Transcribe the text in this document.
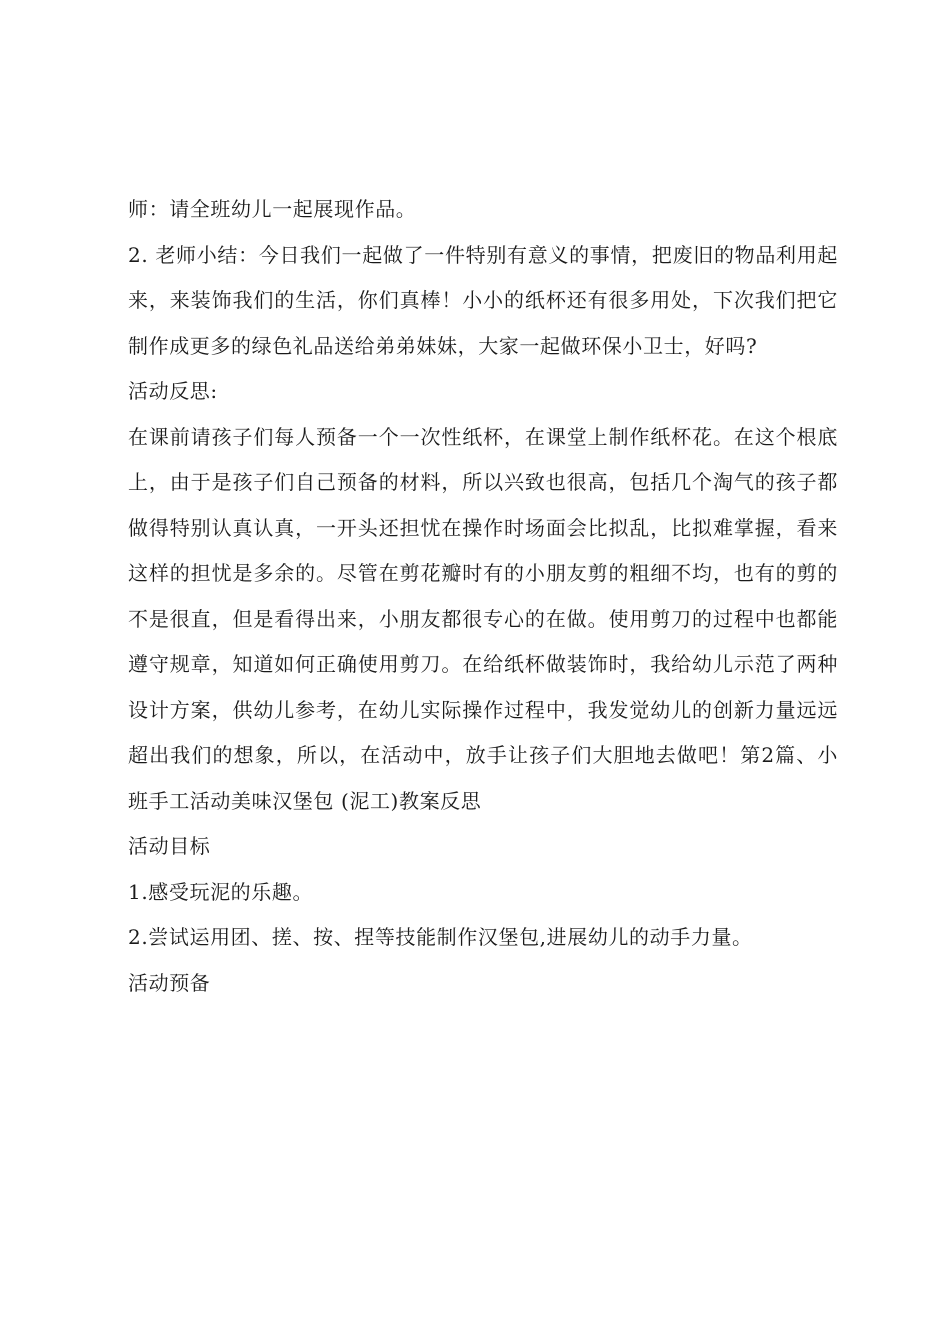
师：请全班幼儿一起展现作品。

2. 老师小结：今日我们一起做了一件特别有意义的事情，把废旧的物品利用起来，来装饰我们的生活，你们真棒！小小的纸杯还有很多用处，下次我们把它制作成更多的绿色礼品送给弟弟妹妹，大家一起做环保小卫士，好吗?

活动反思:

在课前请孩子们每人预备一个一次性纸杯，在课堂上制作纸杯花。在这个根底上，由于是孩子们自己预备的材料，所以兴致也很高，包括几个淘气的孩子都做得特别认真认真，一开头还担忧在操作时场面会比拟乱，比拟难掌握，看来这样的担忧是多余的。尽管在剪花瓣时有的小朋友剪的粗细不均，也有的剪的不是很直，但是看得出来，小朋友都很专心的在做。使用剪刀的过程中也都能遵守规章，知道如何正确使用剪刀。在给纸杯做装饰时，我给幼儿示范了两种设计方案，供幼儿参考，在幼儿实际操作过程中，我发觉幼儿的创新力量远远超出我们的想象，所以，在活动中，放手让孩子们大胆地去做吧！第2篇、小班手工活动美味汉堡包 (泥工)教案反思

活动目标

1.感受玩泥的乐趣。

2.尝试运用团、搓、按、捏等技能制作汉堡包,进展幼儿的动手力量。

活动预备
